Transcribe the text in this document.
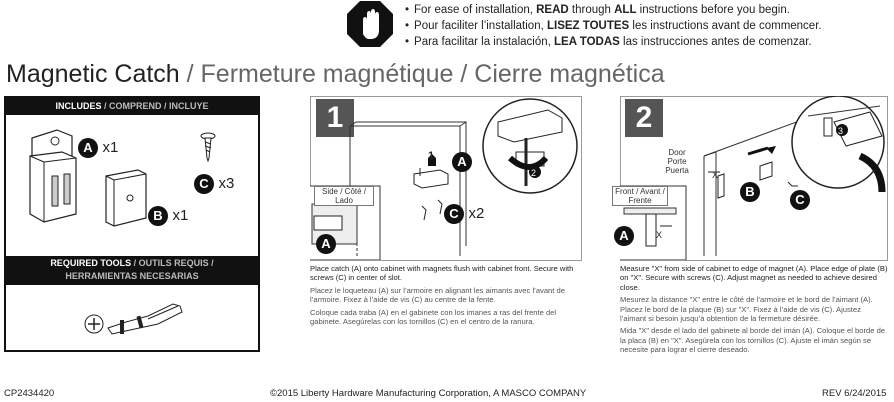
• For ease of installation, READ through ALL instructions before you begin.
• Pour faciliter l’installation, LISEZ TOUTES les instructions avant de commencer.
• Para facilitar la instalación, LEA TODAS las instrucciones antes de comenzar.
Magnetic Catch / Fermeture magnétique / Cierre magnética
INCLUDES / COMPREND / INCLUYE
A x1
C x3
B x1
REQUIRED TOOLS / OUTILS REQUIS /
HERRAMIENTAS NECESARIAS
1
2
Side / Côté / Lado
A
A
1
C x2

Place catch (A) onto cabinet with magnets flush with cabinet front. Secure with screws (C) in center of slot.

Placez le loqueteau (A) sur l’armoire en alignant les aimants avec l’avant de l’armoire. Fixez à l’aide de vis (C) au centre de la fente.

Coloque cada traba (A) en el gabinete con los imanes a ras del frente del gabinete. Asegúrelas con los tornillos (C) en el centro de la ranura.

2	3
Door Porte Puerta
Front / Avant / Frente
X
X
A
B
C

Measure "X" from side of cabinet to edge of magnet (A). Place edge of plate (B) on "X". Secure with screws (C). Adjust magnet as needed to achieve desired close.

Mesurez la distance "X" entre le côté de l’armoire et le bord de l’aimant (A). Placez le bord de la plaque (B) sur "X". Fixez à l’aide de vis (C). Ajustez l’aimant si besoin jusqu’à obtention de la fermeture désirée.

Mida "X" desde el lado del gabinete al borde del imán (A). Coloque el borde de la placa (B) en "X". Asegúrela con los tornillos (C). Ajuste el imán según se necesite para lograr el cierre deseado.

CP2434420	©2015 Liberty Hardware Manufacturing Corporation, A MASCO COMPANY	REV 6/24/2015
